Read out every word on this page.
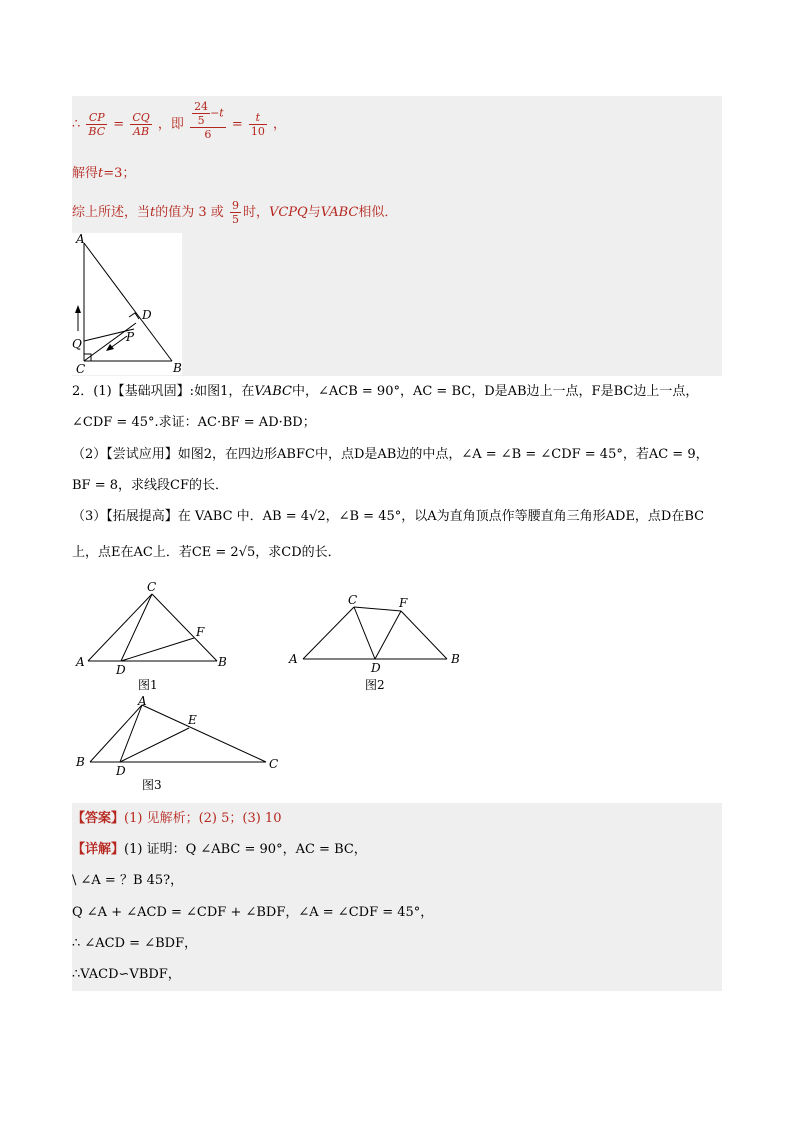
∴ $\frac{CP}{BC} = \frac{CQ}{AB}$ ，即 $\frac{\frac{24}{5} -t}{6} = \frac{t}{10}$ ，
解得t=3；
综上所述，当t的值为 3 或 $\frac{9}{5}$ 时，VCPQ与VABC相似．
A
B
C
D
P
Q
2．(1)【基础巩固】:如图1，在VABC中，∠ACB = 90°，AC = BC，D是AB边上一点，F是BC边上一点，
∠CDF = 45°.求证：AC·BF = AD·BD；
（2）【尝试应用】如图2，在四边形ABFC中，点D是AB边的中点，∠A = ∠B = ∠CDF = 45°，若AC = 9，
BF = 8，求线段CF的长．
（3）【拓展提高】在 VABC 中．AB = 4√2，∠B = 45°，以A为直角顶点作等腰直角三角形ADE，点D在BC
上，点E在AC上．若CE = 2√5，求CD的长．
A	B
C
D
F
图1
A	B
C
D
F
图2
B	C
A
D
E
图3
【答案】(1) 见解析；(2) 5；(3) 10
【详解】(1) 证明：Q ∠ABC = 90°，AC = BC，
\ ∠A = ？B 45?，
Q ∠A + ∠ACD = ∠CDF + ∠BDF，∠A = ∠CDF = 45°，
∴ ∠ACD = ∠BDF，
∴VACD∽VBDF，
